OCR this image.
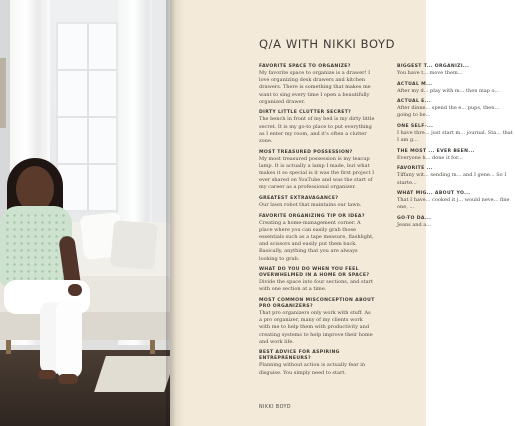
Q/A WITH NIKKI BOYD

FAVORITE SPACE TO ORGANIZE?

My favorite space to organize is a drawer! I love organizing desk drawers and kitchen drawers. There is something that makes me want to sing every time I open a beautifully organized drawer.

DIRTY LITTLE CLUTTER SECRET?

The bench in front of my bed is my dirty little secret. It is my go-to place to put everything as I enter my room, and it's often a clutter zone.

MOST TREASURED POSSESSION?

My most treasured possession is my teacup lamp. It is actually a lamp I made, but what makes it so special is it was the first project I ever shared on YouTube and was the start of my career as a professional organizer.

GREATEST EXTRAVAGANCE?

Our lawn robot that maintains our lawn.

FAVORITE ORGANIZING TIP OR IDEA?

Creating a home-management corner. A place where you can easily grab those essentials such as a tape measure, flashlight, and scissors and easily put them back. Basically, anything that you are always looking to grab.

WHAT DO YOU DO WHEN YOU FEEL OVERWHELMED IN A HOME OR SPACE?

Divide the space into four sections, and start with one section at a time.

MOST COMMON MISCONCEPTION ABOUT PRO ORGANIZERS?

That pro organizers only work with stuff. As a pro organizer, many of my clients work with me to help them with productivity and creating systems to help improve their home and work life.

BEST ADVICE FOR ASPIRING ENTREPRENEURS?

Planning without action is actually fear in disguise. You simply need to start.

BIGGEST T... ORGANIZI...

You have t... move them...

ACTUAL M...

After my d... play with m... then map o...

ACTUAL E...

After dinne... spend the e... pups, then... going to be...

ONE SELF-...

I have thre... just start m... journal. Sta... that I am g...

THE MOST ... EVER BEEN...

Everyone h... done it for...

FAVORITE ...

Tiffany wit... sending m... and I gene... So I starte...

WHAT MIG... ABOUT YO...

That I have... cooked it j... would neve... fine one, ...

GO-TO DA...

Jeans and a...

NIKKI BOYD
